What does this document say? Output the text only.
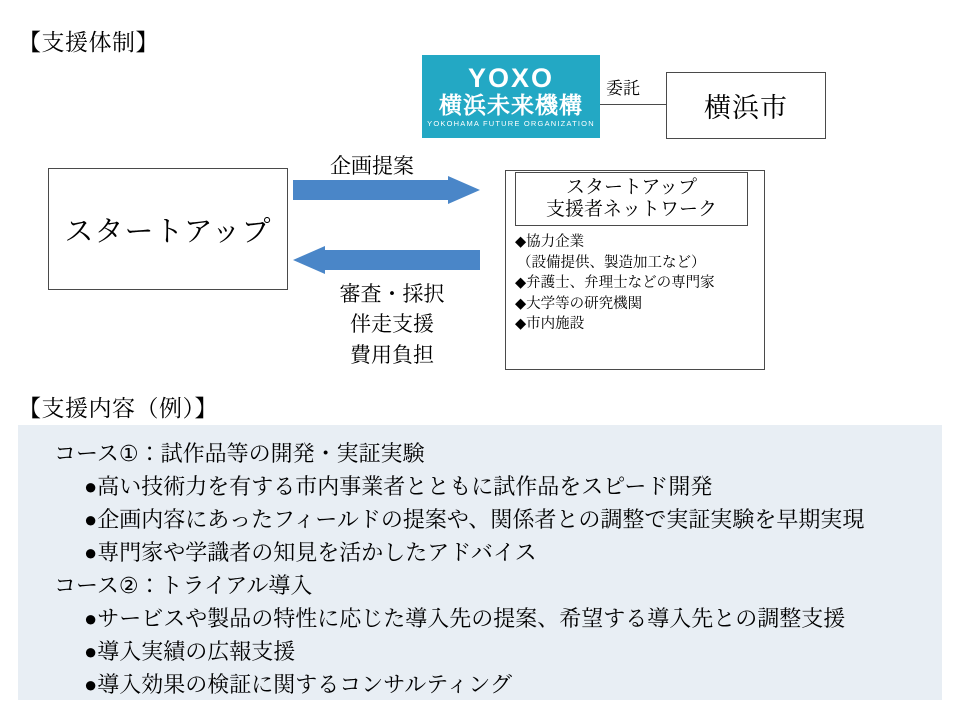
【支援体制】
YOXO
横浜未来機構
YOKOHAMA FUTURE ORGANIZATION
委託
横浜市
スタートアップ
企画提案
審査・採択
伴走支援
費用負担
スタートアップ
支援者ネットワーク
◆協力企業
（設備提供、製造加工など）
◆弁護士、弁理士などの専門家
◆大学等の研究機関
◆市内施設
【支援内容（例）】
コース①：試作品等の開発・実証実験
●高い技術力を有する市内事業者とともに試作品をスピード開発
●企画内容にあったフィールドの提案や、関係者との調整で実証実験を早期実現
●専門家や学識者の知見を活かしたアドバイス
コース②：トライアル導入
●サービスや製品の特性に応じた導入先の提案、希望する導入先との調整支援
●導入実績の広報支援
●導入効果の検証に関するコンサルティング
